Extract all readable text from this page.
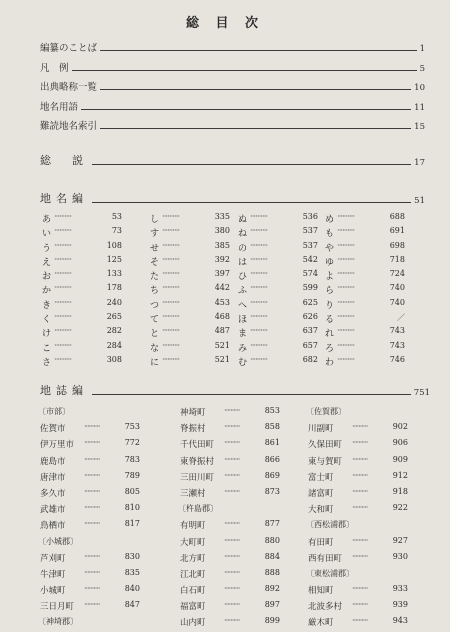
総 目 次
編纂のことば	1
凡　例	5
出典略称一覧	10
地名用語	11
難読地名索引	15
総　説	17
地名編	51
あ ··········	53
い ··········	73
う ··········	108
え ··········	125
お ··········	133
か ··········	178
き ··········	240
く ··········	265
け ··········	282
こ ··········	284
さ ··········	308
し ··········	335
す ··········	380
せ ··········	385
そ ··········	392
た ··········	397
ち ··········	442
つ ··········	453
て ··········	468
と ··········	487
な ··········	521
に ··········	521
ぬ ··········	536
ね ··········	537
の ··········	537
は ··········	542
ひ ··········	574
ふ ··········	599
へ ··········	625
ほ ··········	626
ま ··········	637
み ··········	657
む ··········	682
め ··········	688
も ··········	691
や ··········	698
ゆ ··········	718
よ ··········	724
ら ··········	740
り ··········	740
る ··········	／
れ ··········	743
ろ ··········	743
わ ··········	746
地誌編	751
〔市部〕
佐賀市 ··········	753
伊万里市 ··········	772
鹿島市 ··········	783
唐津市 ··········	789
多久市 ··········	805
武雄市 ··········	810
鳥栖市 ··········	817
〔小城郡〕
芦刈町 ··········	830
牛津町 ··········	835
小城町 ··········	840
三日月町 ··········	847
〔神埼郡〕
神埼町 ··········	853
脊振村 ··········	858
千代田町 ··········	861
東脊振村 ··········	866
三田川町 ··········	869
三瀬村 ··········	873
〔杵島郡〕
有明町 ··········	877
大町町 ··········	880
北方町 ··········	884
江北町 ··········	888
白石町 ··········	892
福富町 ··········	897
山内町 ··········	899
〔佐賀郡〕
川副町 ··········	902
久保田町 ··········	906
東与賀町 ··········	909
富士町 ··········	912
諸富町 ··········	918
大和町 ··········	922
〔西松浦郡〕
有田町 ··········	927
西有田町 ··········	930
〔東松浦郡〕
相知町 ··········	933
北波多村 ··········	939
厳木町 ··········	943
